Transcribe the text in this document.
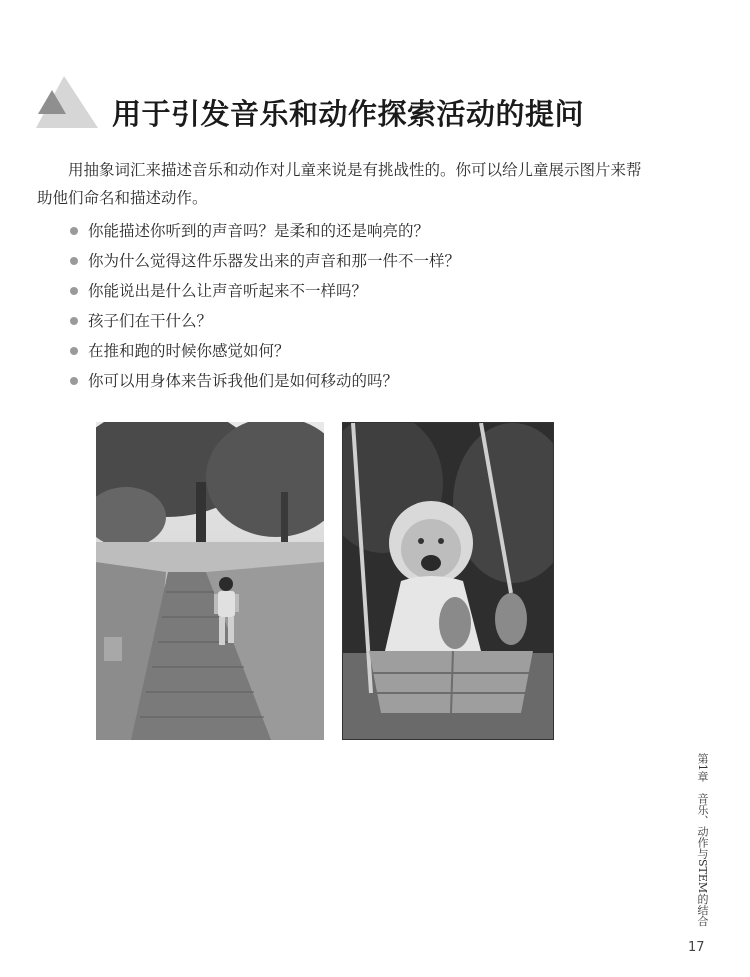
用于引发音乐和动作探索活动的提问

用抽象词汇来描述音乐和动作对儿童来说是有挑战性的。你可以给儿童展示图片来帮助他们命名和描述动作。

你能描述你听到的声音吗？是柔和的还是响亮的？
你为什么觉得这件乐器发出来的声音和那一件不一样？
你能说出是什么让声音听起来不一样吗？
孩子们在干什么？
在推和跑的时候你感觉如何？
你可以用身体来告诉我他们是如何移动的吗？
第1章　音乐、动作与STEM的结合
17
